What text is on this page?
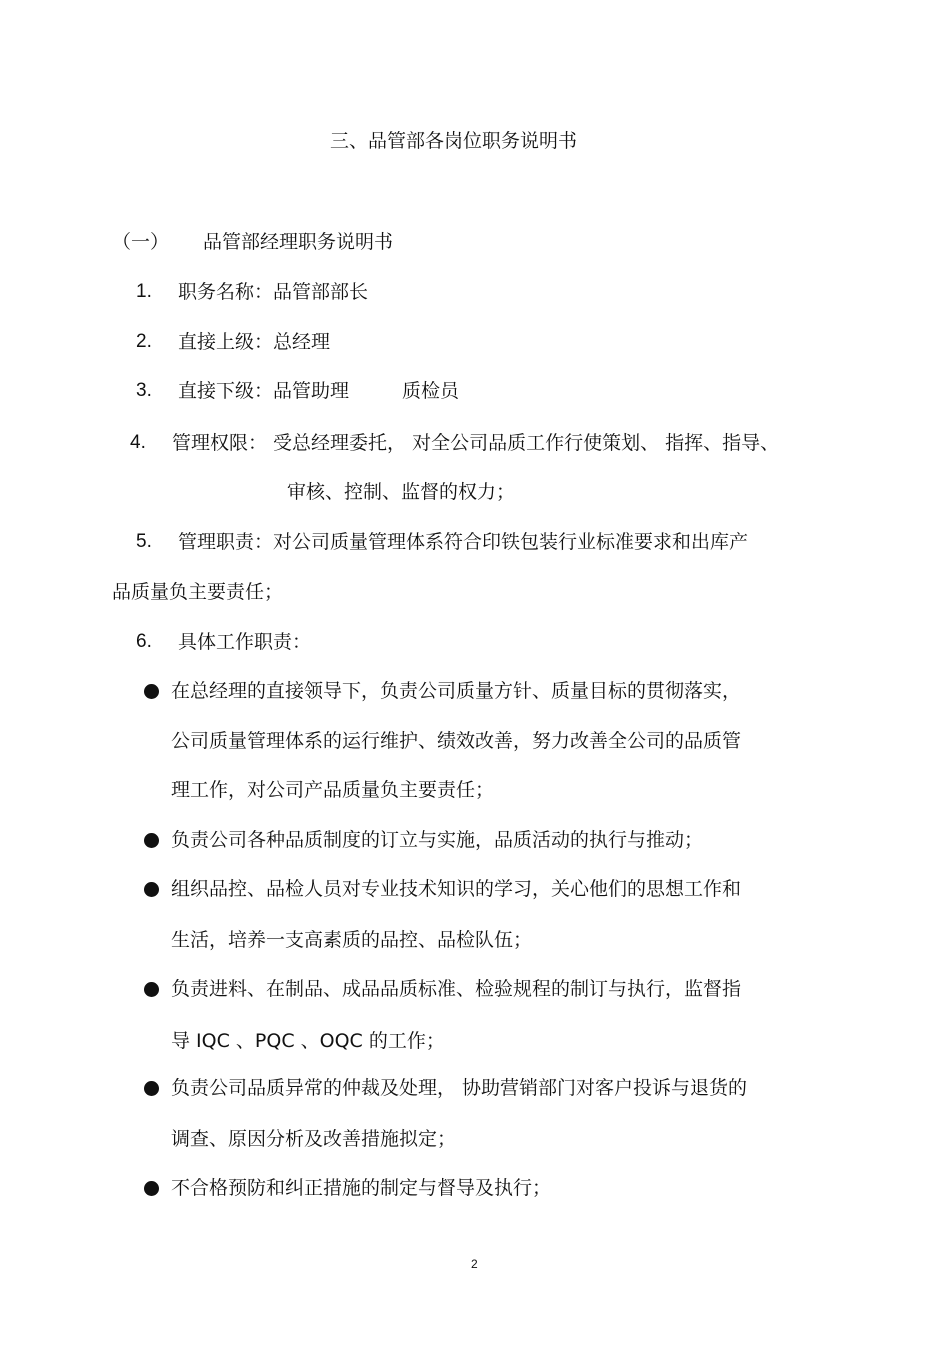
三、品管部各岗位职务说明书
（一） 品管部经理职务说明书
1. 职务名称：品管部部长
2. 直接上级：总经理
3. 直接下级：品管助理	质检员
4. 管理权限： 受总经理委托， 对全公司品质工作行使策划、 指挥、指导、
审核、控制、监督的权力；
5. 管理职责：对公司质量管理体系符合印铁包装行业标准要求和出库产
品质量负主要责任；
6. 具体工作职责：
在总经理的直接领导下，负责公司质量方针、质量目标的贯彻落实，
公司质量管理体系的运行维护、绩效改善，努力改善全公司的品质管
理工作，对公司产品质量负主要责任；
负责公司各种品质制度的订立与实施，品质活动的执行与推动；
组织品控、品检人员对专业技术知识的学习，关心他们的思想工作和
生活，培养一支高素质的品控、品检队伍；
负责进料、在制品、成品品质标准、检验规程的制订与执行，监督指
导 IQC 、PQC 、OQC 的工作；
负责公司品质异常的仲裁及处理， 协助营销部门对客户投诉与退货的
调查、原因分析及改善措施拟定；
不合格预防和纠正措施的制定与督导及执行；
2
